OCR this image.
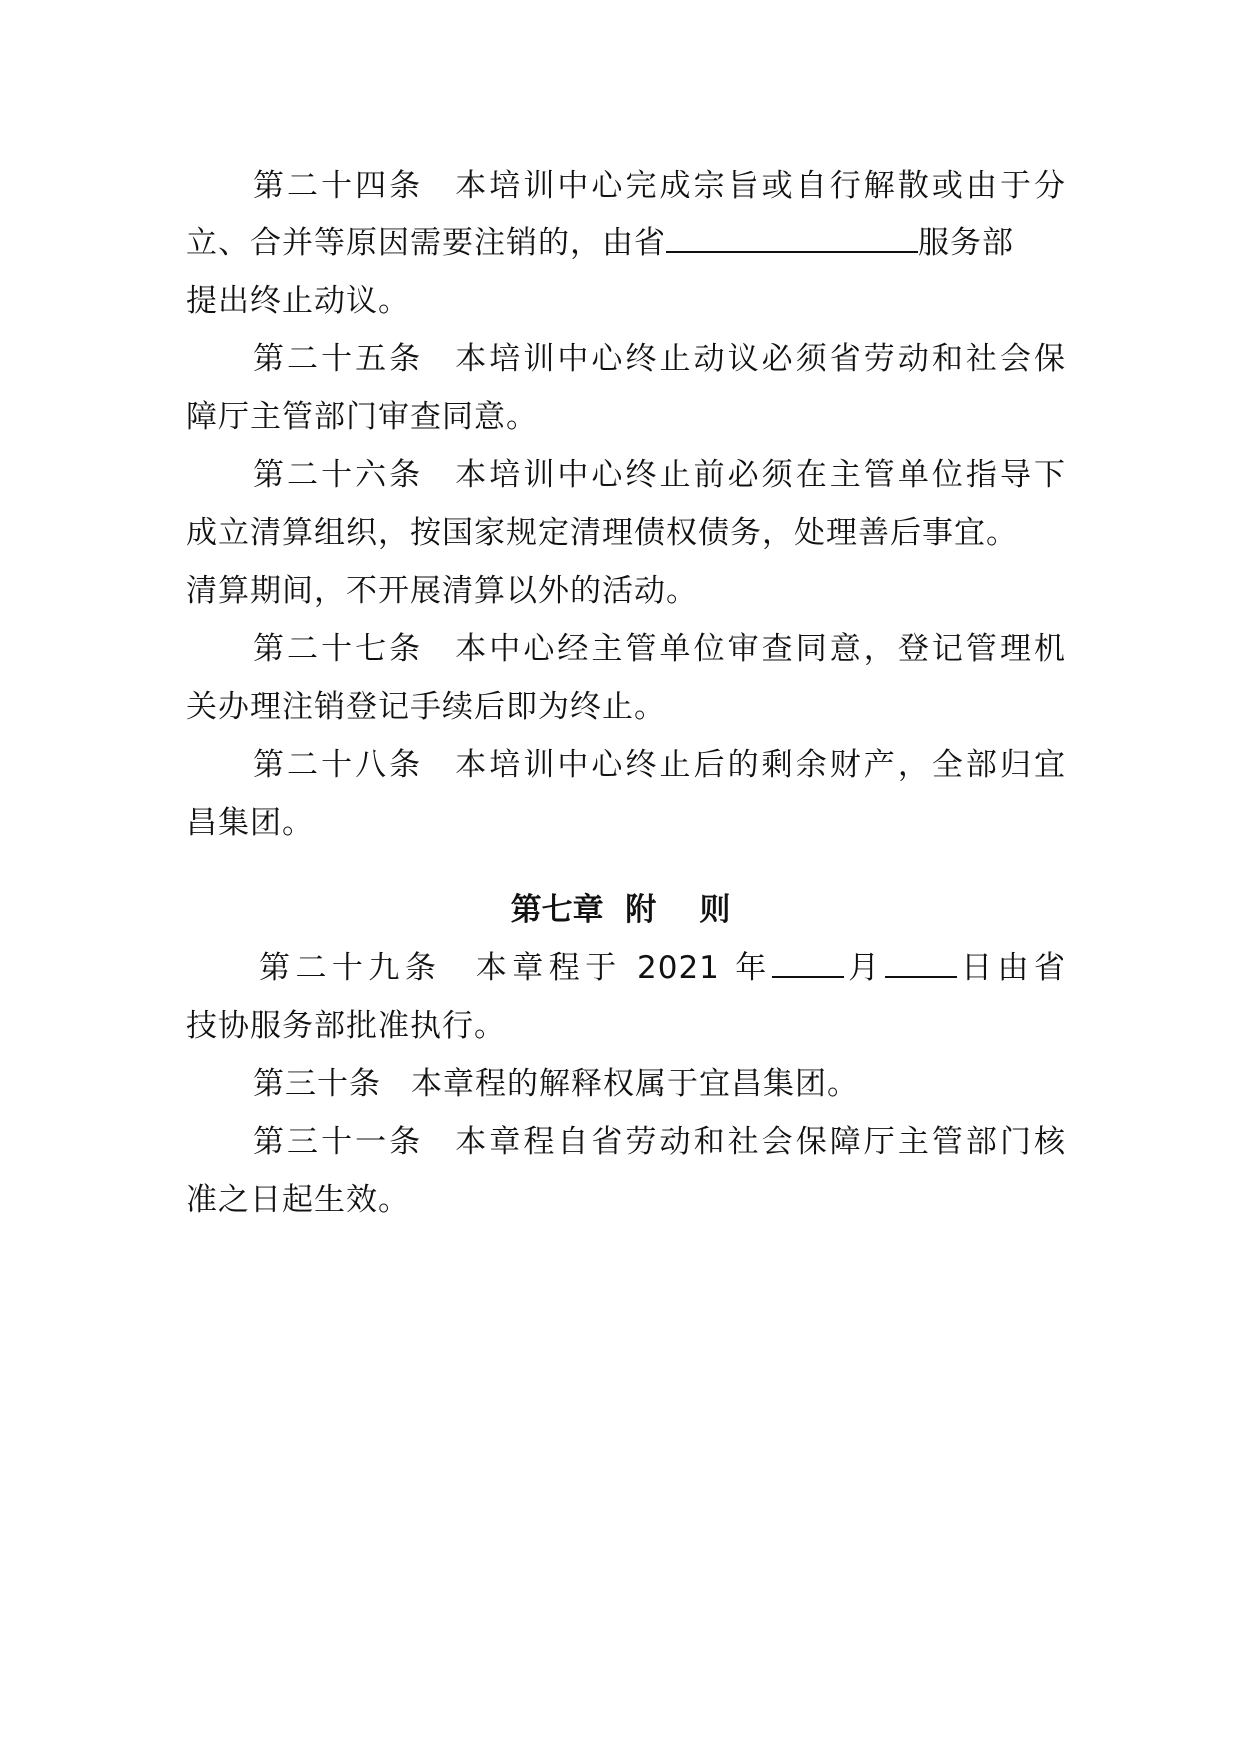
第二十四条 本培训中心完成宗旨或自行解散或由于分
立、合并等原因需要注销的，由省	服务部
提出终止动议。
第二十五条 本培训中心终止动议必须省劳动和社会保
障厅主管部门审查同意。
第二十六条 本培训中心终止前必须在主管单位指导下
成立清算组织，按国家规定清理债权债务，处理善后事宜。
清算期间，不开展清算以外的活动。
第二十七条 本中心经主管单位审查同意，登记管理机
关办理注销登记手续后即为终止。
第二十八条 本培训中心终止后的剩余财产，全部归宜
昌集团。
第七章  附    则
第二十九条 本章程于 2021 年 月 日由省
技协服务部批准执行。
第三十条 本章程的解释权属于宜昌集团。
第三十一条 本章程自省劳动和社会保障厅主管部门核
准之日起生效。
